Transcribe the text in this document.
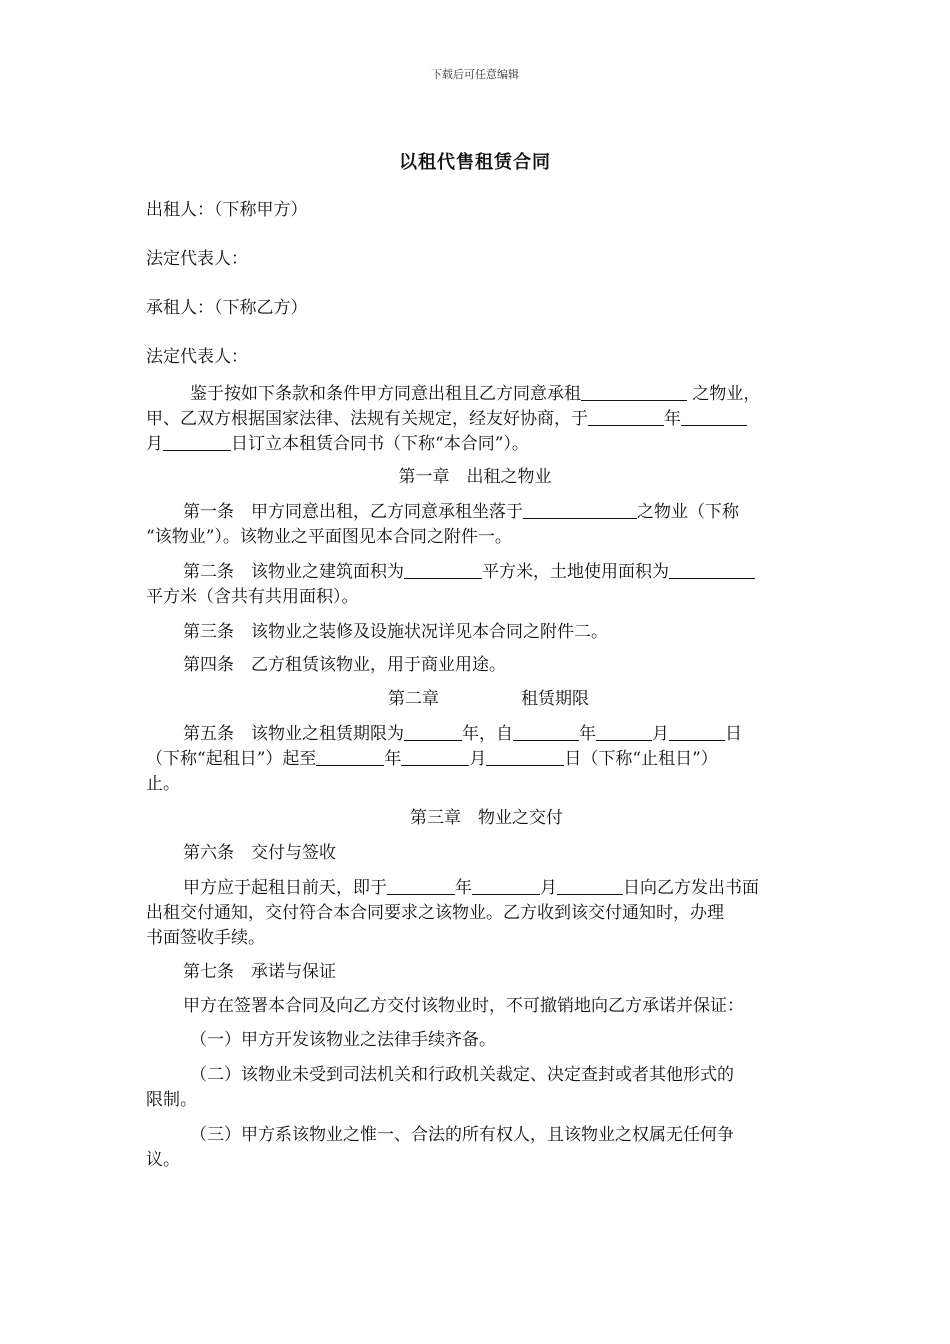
下载后可任意编辑
以租代售租赁合同
出租人：（下称甲方）
法定代表人：
承租人：（下称乙方）
法定代表人：
鉴于按如下条款和条件甲方同意出租且乙方同意承租	之物业，
甲、乙双方根据国家法律、法规有关规定，经友好协商，于	年
月	日订立本租赁合同书（下称“本合同”）。
第一章　出租之物业
第一条　甲方同意出租，乙方同意承租坐落于	之物业（下称
“该物业”）。该物业之平面图见本合同之附件一。
第二条　该物业之建筑面积为	平方米，土地使用面积为
平方米（含共有共用面积）。
第三条　该物业之装修及设施状况详见本合同之附件二。
第四条　乙方租赁该物业，用于商业用途。
第二章	租赁期限
第五条　该物业之租赁期限为	年，自	年	月	日
（下称“起租日”）起至	年	月	日（下称“止租日”）
止。
第三章　物业之交付
第六条　交付与签收
甲方应于起租日前天，即于	年	月	日向乙方发出书面
出租交付通知，交付符合本合同要求之该物业。乙方收到该交付通知时，办理
书面签收手续。
第七条　承诺与保证
甲方在签署本合同及向乙方交付该物业时，不可撤销地向乙方承诺并保证：
（一）甲方开发该物业之法律手续齐备。
（二）该物业未受到司法机关和行政机关裁定、决定查封或者其他形式的
限制。
（三）甲方系该物业之惟一、合法的所有权人，且该物业之权属无任何争
议。
